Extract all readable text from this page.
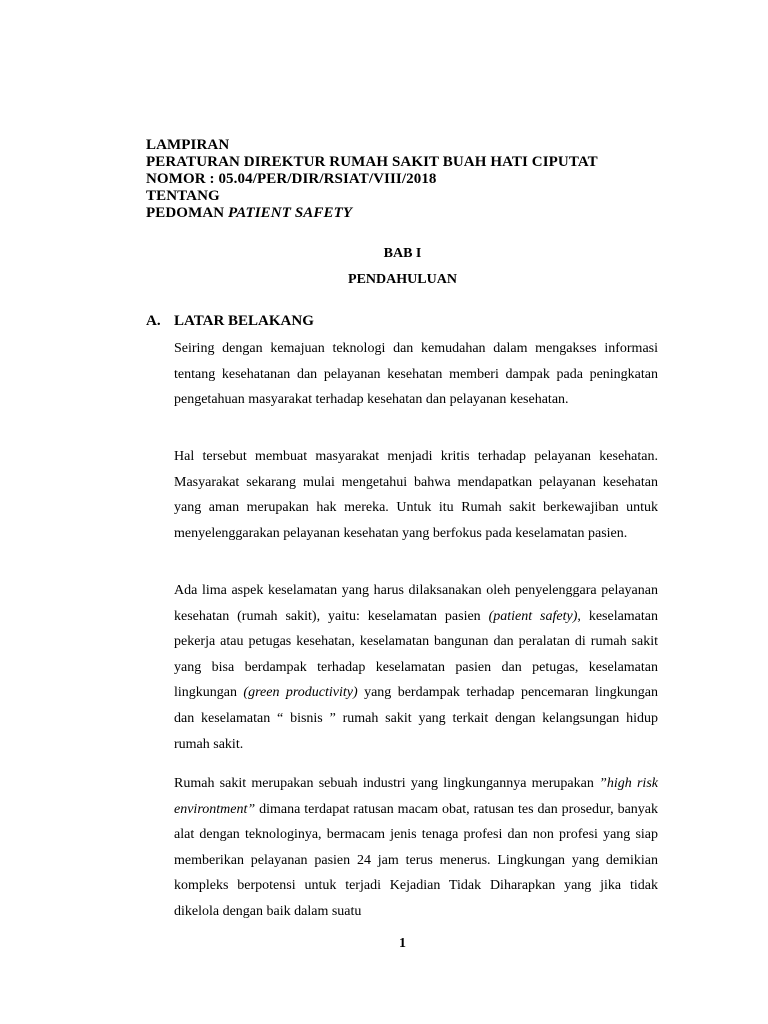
LAMPIRAN
PERATURAN DIREKTUR RUMAH SAKIT BUAH HATI CIPUTAT
NOMOR : 05.04/PER/DIR/RSIAT/VIII/2018
TENTANG
PEDOMAN PATIENT SAFETY
BAB I
PENDAHULUAN
A. LATAR BELAKANG

Seiring dengan kemajuan teknologi dan kemudahan dalam mengakses informasi tentang kesehatanan dan pelayanan kesehatan memberi dampak pada peningkatan pengetahuan masyarakat terhadap kesehatan dan pelayanan kesehatan.

Hal tersebut membuat masyarakat menjadi kritis terhadap pelayanan kesehatan. Masyarakat sekarang mulai mengetahui bahwa mendapatkan pelayanan kesehatan yang aman merupakan hak mereka. Untuk itu Rumah sakit berkewajiban untuk menyelenggarakan pelayanan kesehatan yang berfokus pada keselamatan pasien.

Ada lima aspek keselamatan yang harus dilaksanakan oleh penyelenggara pelayanan kesehatan (rumah sakit), yaitu: keselamatan pasien (patient safety), keselamatan pekerja atau petugas kesehatan, keselamatan bangunan dan peralatan di rumah sakit yang bisa berdampak terhadap keselamatan pasien dan petugas, keselamatan lingkungan (green productivity) yang berdampak terhadap pencemaran lingkungan dan keselamatan “ bisnis ” rumah sakit yang terkait dengan kelangsungan hidup rumah sakit.

Rumah sakit merupakan sebuah industri yang lingkungannya merupakan ”high risk environtment” dimana terdapat ratusan macam obat, ratusan tes dan prosedur, banyak alat dengan teknologinya, bermacam jenis tenaga profesi dan non profesi yang siap memberikan pelayanan pasien 24 jam terus menerus. Lingkungan yang demikian kompleks berpotensi untuk terjadi Kejadian Tidak Diharapkan yang jika tidak dikelola dengan baik dalam suatu

1
